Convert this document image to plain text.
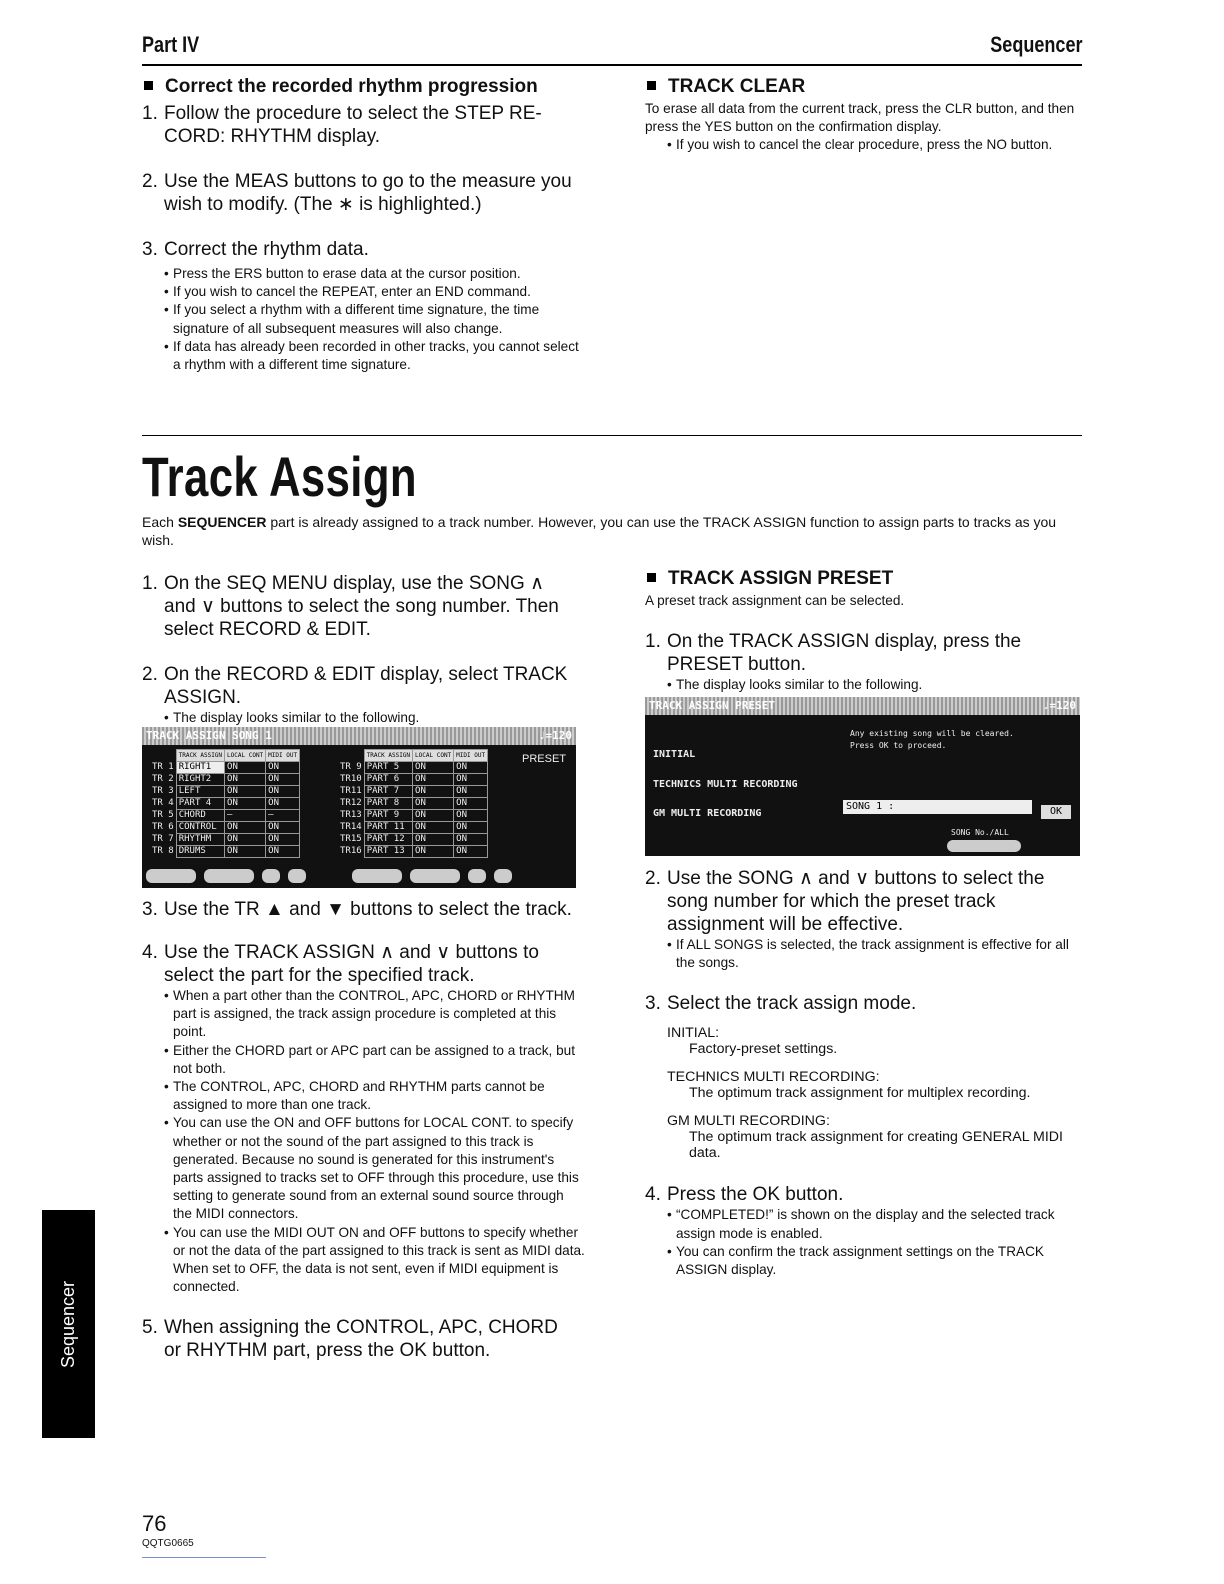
Part IV	Sequencer
Correct the recorded rhythm progression
1. Follow the procedure to select the STEP RE-CORD: RHYTHM display.
2. Use the MEAS buttons to go to the measure you wish to modify. (The ∗ is highlighted.)
3. Correct the rhythm data.
• Press the ERS button to erase data at the cursor position.
• If you wish to cancel the REPEAT, enter an END command.
• If you select a rhythm with a different time signature, the time signature of all subsequent measures will also change.
• If data has already been recorded in other tracks, you cannot select a rhythm with a different time signature.
TRACK CLEAR
To erase all data from the current track, press the CLR button, and then press the YES button on the confirmation display.
• If you wish to cancel the clear procedure, press the NO button.
Track Assign
Each SEQUENCER part is already assigned to a track number. However, you can use the TRACK ASSIGN function to assign parts to tracks as you wish.
1. On the SEQ MENU display, use the SONG ∧ and ∨ buttons to select the song number. Then select RECORD & EDIT.
2. On the RECORD & EDIT display, select TRACK ASSIGN.
• The display looks similar to the following.
TRACK ASSIGN SONG 1	♩=120
	TRACK ASSIGN	LOCAL CONT	MIDI OUT
TR 1	RIGHT1	ON	ON
TR 2	RIGHT2	ON	ON
TR 3	LEFT	ON	ON
TR 4	PART 4	ON	ON
TR 5	CHORD	—	—
TR 6	CONTROL	ON	ON
TR 7	RHYTHM	ON	ON
TR 8	DRUMS	ON	ON
	TRACK ASSIGN	LOCAL CONT	MIDI OUT
TR 9	PART 5	ON	ON
TR10	PART 6	ON	ON
TR11	PART 7	ON	ON
TR12	PART 8	ON	ON
TR13	PART 9	ON	ON
TR14	PART 11	ON	ON
TR15	PART 12	ON	ON
TR16	PART 13	ON	ON
PRESET
3. Use the TR ▲ and ▼ buttons to select the track.
4. Use the TRACK ASSIGN ∧ and ∨ buttons to select the part for the specified track.
• When a part other than the CONTROL, APC, CHORD or RHYTHM part is assigned, the track assign procedure is completed at this point.
• Either the CHORD part or APC part can be assigned to a track, but not both.
• The CONTROL, APC, CHORD and RHYTHM parts cannot be assigned to more than one track.
• You can use the ON and OFF buttons for LOCAL CONT. to specify whether or not the sound of the part assigned to this track is generated. Because no sound is generated for this instrument's parts assigned to tracks set to OFF through this procedure, use this setting to generate sound from an external sound source through the MIDI connectors.
• You can use the MIDI OUT ON and OFF buttons to specify whether or not the data of the part assigned to this track is sent as MIDI data. When set to OFF, the data is not sent, even if MIDI equipment is connected.
5. When assigning the CONTROL, APC, CHORD or RHYTHM part, press the OK button.
TRACK ASSIGN PRESET
A preset track assignment can be selected.
1. On the TRACK ASSIGN display, press the PRESET button.
• The display looks similar to the following.
TRACK ASSIGN PRESET	♩=120
Any existing song will be cleared.
Press OK to proceed.
INITIAL
TECHNICS MULTI RECORDING
GM MULTI RECORDING
SONG 1 :	OK
SONG No./ALL
2. Use the SONG ∧ and ∨ buttons to select the song number for which the preset track assignment will be effective.
• If ALL SONGS is selected, the track assignment is effective for all the songs.
3. Select the track assign mode.
INITIAL:
Factory-preset settings.
TECHNICS MULTI RECORDING:
The optimum track assignment for multiplex recording.
GM MULTI RECORDING:
The optimum track assignment for creating GENERAL MIDI data.
4. Press the OK button.
• “COMPLETED!” is shown on the display and the selected track assign mode is enabled.
• You can confirm the track assignment settings on the TRACK ASSIGN display.
Sequencer
76
QQTG0665
